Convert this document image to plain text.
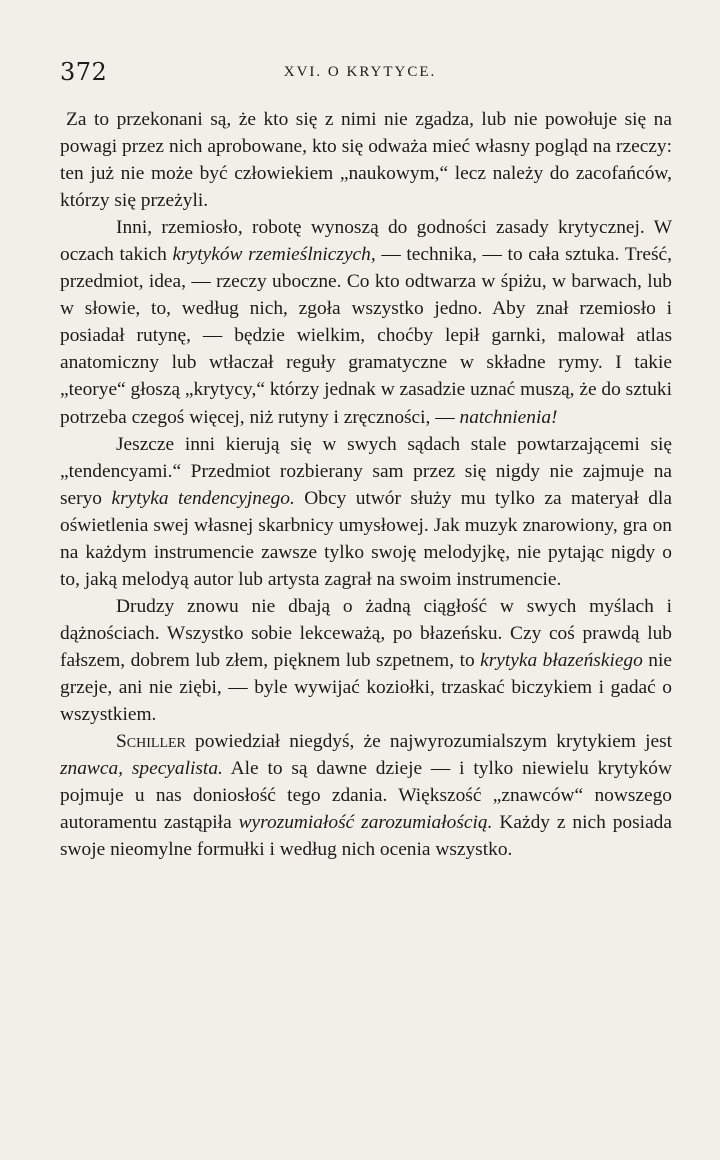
372	XVI. O KRYTYCE.

Za to przekonani są, że kto się z nimi nie zgadza, lub nie powołuje się na powagi przez nich aprobowane, kto się odważa mieć własny pogląd na rzeczy: ten już nie może być człowiekiem „naukowym,“ lecz należy do zacofańców, którzy się przeżyli.

Inni, rzemiosło, robotę wynoszą do godności zasady krytycznej. W oczach takich krytyków rzemieślniczych, — technika, — to cała sztuka. Treść, przedmiot, idea, — rzeczy uboczne. Co kto odtwarza w śpiżu, w barwach, lub w słowie, to, według nich, zgoła wszystko jedno. Aby znał rzemiosło i posiadał rutynę, — będzie wielkim, choćby lepił garnki, malował atlas anatomiczny lub wtłaczał reguły gramatyczne w składne rymy. I takie „teorye“ głoszą „krytycy,“ którzy jednak w zasadzie uznać muszą, że do sztuki potrzeba czegoś więcej, niż rutyny i zręczności, — natchnienia!

Jeszcze inni kierują się w swych sądach stale powtarzającemi się „tendencyami.“ Przedmiot rozbierany sam przez się nigdy nie zajmuje na seryo krytyka tendencyjnego. Obcy utwór służy mu tylko za materyał dla oświetlenia swej własnej skarbnicy umysłowej. Jak muzyk znarowiony, gra on na każdym instrumencie zawsze tylko swoję melodyjkę, nie pytając nigdy o to, jaką melodyą autor lub artysta zagrał na swoim instrumencie.

Drudzy znowu nie dbają o żadną ciągłość w swych myślach i dążnościach. Wszystko sobie lekceważą, po błazeńsku. Czy coś prawdą lub fałszem, dobrem lub złem, pięknem lub szpetnem, to krytyka błazeńskiego nie grzeje, ani nie ziębi, — byle wywijać koziołki, trzaskać biczykiem i gadać o wszystkiem.

Schiller powiedział niegdyś, że najwyrozumialszym krytykiem jest znawca, specyalista. Ale to są dawne dzieje — i tylko niewielu krytyków pojmuje u nas doniosłość tego zdania. Większość „znawców“ nowszego autoramentu zastąpiła wyrozumiałość zarozumiałością. Każdy z nich posiada swoje nieomylne formułki i według nich ocenia wszystko.
